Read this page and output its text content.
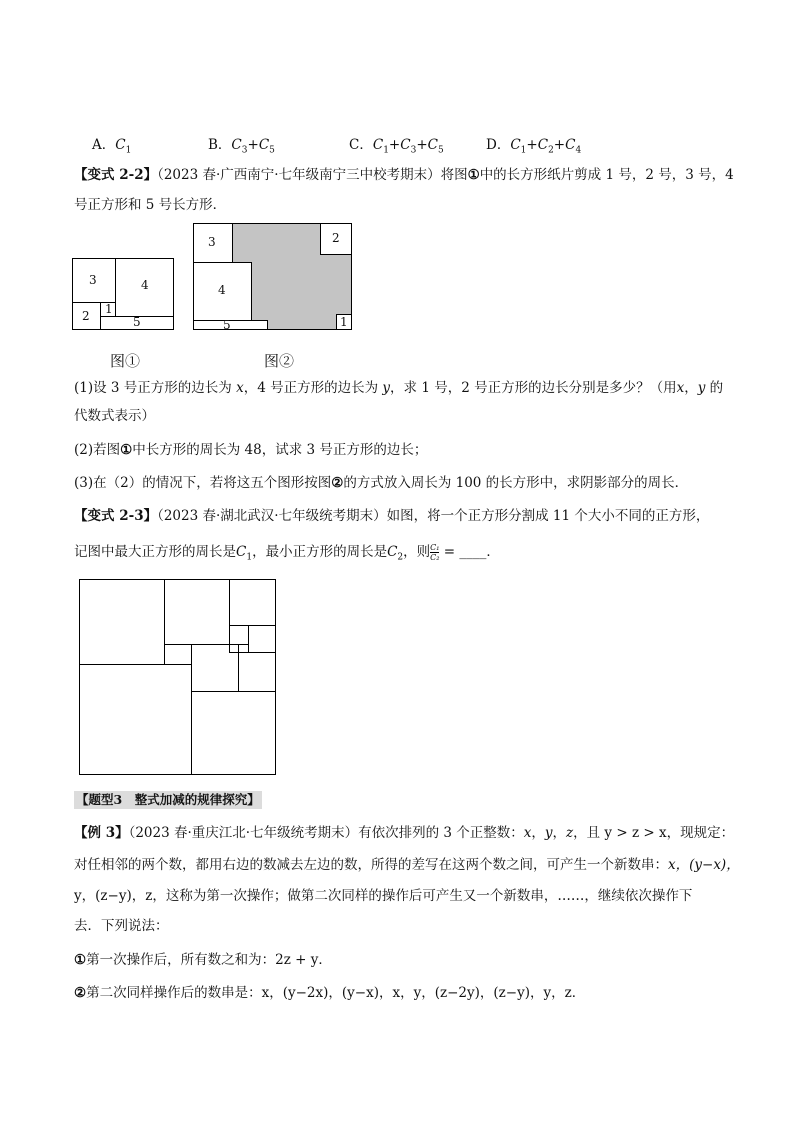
A．$C_1$	B．$C_3+C_5$	C．$C_1+C_3+C_5$	D．$C_1+C_2+C_4$
【变式 2-2】（2023 春·广西南宁·七年级南宁三中校考期末）将图①中的长方形纸片剪成 1 号，2 号，3 号，4
号正方形和 5 号长方形．
3	4
1
2	5
图①
3	2
4
5	1
图②
(1)设 3 号正方形的边长为 x，4 号正方形的边长为 y，求 1 号，2 号正方形的边长分别是多少？（用x，y 的
代数式表示）
(2)若图①中长方形的周长为 48，试求 3 号正方形的边长；
(3)在（2）的情况下，若将这五个图形按图②的方式放入周长为 100 的长方形中，求阴影部分的周长．
【变式 2-3】（2023 春·湖北武汉·七年级统考期末）如图，将一个正方形分割成 11 个大小不同的正方形，
记图中最大正方形的周长是$C_1$，最小正方形的周长是$C_2$，则 $\frac{\text{C₁}}{\text{C₂}}$ = ____．
【题型3　整式加减的规律探究】
【例 3】（2023 春·重庆江北·七年级统考期末）有依次排列的 3 个正整数：x，y，z，且 y > z > x，现规定：
对任相邻的两个数，都用右边的数减去左边的数，所得的差写在这两个数之间，可产生一个新数串：x，(y−x)，
y，(z−y)，z，这称为第一次操作；做第二次同样的操作后可产生又一个新数串，……，继续依次操作下
去．下列说法：
①第一次操作后，所有数之和为：2z + y．
②第二次同样操作后的数串是：x，(y−2x)，(y−x)，x，y，(z−2y)，(z−y)，y，z．
